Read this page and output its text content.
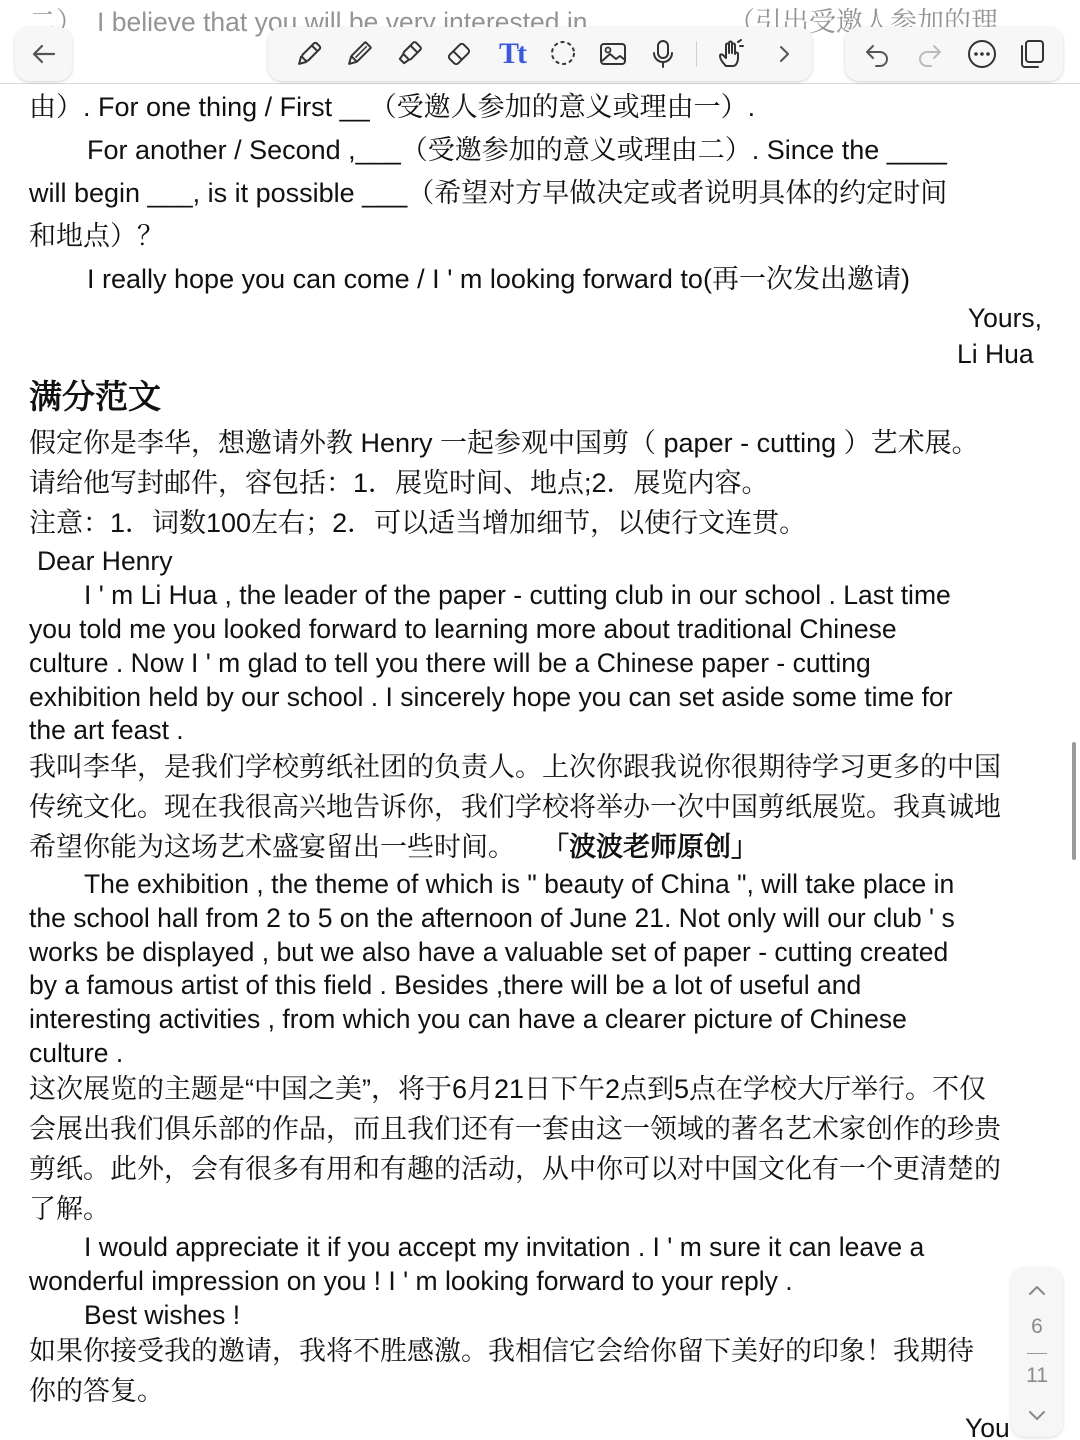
由）. For one thing / First __（受邀人参加的意义或理由一）.
For another / Second ,___（受邀参加的意义或理由二）. Since the ____
will begin ___, is it possible ___（希望对方早做决定或者说明具体的约定时间
和地点）？
I really hope you can come / I ' m looking forward to(再一次发出邀请)
Yours,
Li Hua
满分范文
假定你是李华，想邀请外教 Henry 一起参观中国剪（ paper - cutting ）艺术展。
请给他写封邮件，容包括：1．展览时间、地点;2．展览内容。
注意：1．词数100左右；2．可以适当增加细节，以使行文连贯。
Dear Henry
I ' m Li Hua , the leader of the paper - cutting club in our school . Last time
you told me you looked forward to learning more about traditional Chinese
culture . Now I ' m glad to tell you there will be a Chinese paper - cutting
exhibition held by our school . I sincerely hope you can set aside some time for
the art feast .
我叫李华，是我们学校剪纸社团的负责人。上次你跟我说你很期待学习更多的中国
传统文化。现在我很高兴地告诉你，我们学校将举办一次中国剪纸展览。我真诚地
希望你能为这场艺术盛宴留出一些时间。 「波波老师原创」
The exhibition , the theme of which is " beauty of China ", will take place in
the school hall from 2 to 5 on the afternoon of June 21. Not only will our club ' s
works be displayed , but we also have a valuable set of paper - cutting created
by a famous artist of this field . Besides ,there will be a lot of useful and
interesting activities , from which you can have a clearer picture of Chinese
culture .
这次展览的主题是“中国之美”，将于6月21日下午2点到5点在学校大厅举行。不仅
会展出我们俱乐部的作品，而且我们还有一套由这一领域的著名艺术家创作的珍贵
剪纸。此外，会有很多有用和有趣的活动，从中你可以对中国文化有一个更清楚的
了解。
I would appreciate it if you accept my invitation . I ' m sure it can leave a
wonderful impression on you ! I ' m looking forward to your reply .
Best wishes !
如果你接受我的邀请，我将不胜感激。我相信它会给你留下美好的印象！我期待
你的答复。
You
Tt
6
11
